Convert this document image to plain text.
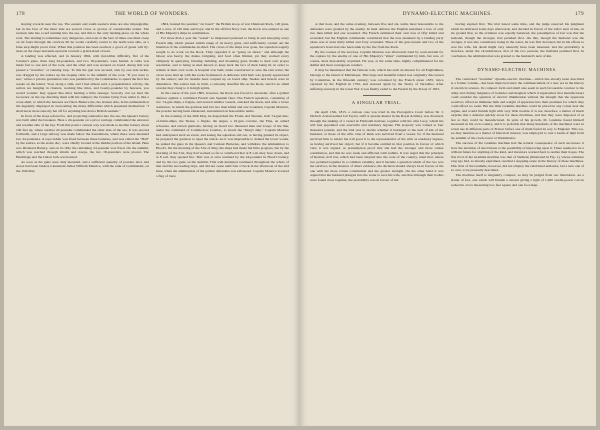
178	THE WORLD OF WONDERS.

sloping towards near the top. The eastern and south-western sides are also impregnable, but in the face of the latter side are several caves or grottos of considerable extent. The western side has a reef running into the sea, and this is the only landing-place on the whole rock. The landing is sometimes very dangerous, and even at the best of times one must creep on all fours through the crevices till he works carefully round to the north-west side, as a false step might prove fatal. When this position has been reached, a grove of green will lly-trees on the slope descends upwards towards a grand-sized cavern.

A landing was effected, and in January 1804, with incredible difficulty, five of the Centaur's guns, three long 24-pounders, and two 18-pounders, were hauled. A cable was made fast to one end of the rock, and the other end was secured on board. Along this was passed a "traveller," or running loop. To this the gun was secured, and, by one side tackle, was dragged by the sailors up the sloping cable to the summit of the rock. "If you were to see," writes a private gentleman who was permitted by the Commander to spend the first few weeks on the island, "how along a slim, and I had almost said, a perpendicular activity, the sailors are hanging in clusters, working like mice, and twenty-pounder by hawsers, you would wonder: they appear like mice hauling a little sausage. Scarcely can we hear the Governor on the top directing them with his trumpet; the Centaur lying close under it, like a cross-shell, to which the hawsers are fixed. Believe me, the sixteen able, in his enthusiasm at the ingenuity displayed in overcoming the many difficulties which presented themselves: "I shall never more take my hat off for anything less than a British seaman."

In front of the slope referred to, and projecting somewhat into the sea, the Queen's battery was built amid the breakers. Here a 24-pounder on a pivot carriage commanded the entrance and weather side of the bay. From this point a cannon way was made to another battery about 140 feet up, where another 24-pounder commanded the other side of the sea. It was erected forthwith, and a large railway was made below the foundations, where there were mounted two 24-pounders. A rope ladder was fixed between these batteries, and was called the "Hall" by the sailors, as the stairs, &c., were chiefly located at the middle portion of the island. Here was Diamond Battery, and on its tible the remaining 24-pounder was fixed. On the summit, which was reached through shrubs and creeps, the two 18-pounders were placed. The Hermitage and the Union Jack was hoisted.

As soon as the guns were duly mounted, and a sufficient quantity of powder, shot, and stores had been landed, Lieutenant James William Maurice, with the rank of Commander, on the 19th May

1804, hoisted his pendant "on board" the British sloop of war Diamond Rock, 120 guns, and a crew of 120 men and boys; and in the official Navy List, the Rock was entered as one of His Majesty's ships in commission.

For more than a year the "vessel" so impressed persisted to bring in and annoying every French ship which passed within range of its heavy guns, and sufficiently carried out the intention of the commander-in-chief. The crews of the ships now gone, the squadron eagerly sought to do work on the Rock. They regarded it as "going on shore;" and although the labour was heavy, the duties, fatiguing, and food often limited, yet they worked every obliquely in quarrying, blasting, building, and mounting guns, thanks to their own proper resolution, and to being as men known to keep back the fact of their being ill, in order to remain at their own work. A hospital was built, tanks constructed to save the rain water, the caves were shut up with the rocks' homestead. A delicious wild herb was greatly appreciated by the sailors; and for months been coupled up on board ship. Snakes and lizards were in abundance. The sailors had, in truth, a curiously dreadful life on the Rock, and it's no small wonder they clung to it in high spirits.

In the course of the year 1805, however, the Rock was forced to surrender, after a gallant defence against a combined French and Spanish fleet. The French squadron, consisting of two 74-gun ships, a frigate, and several smaller vessels, attacked the Rock, and after a brave resistance, in which the garrison had but two men killed and one wounded, Captain Maurice, the powder having been exhausted, surrendered on honourable terms.

In the evening of the 29th May, he despatched the Fraize and Sirenak, both 74-gun line-of-battle-ships, the Sirene, a frigate, the Argus, a 16-gun corvette, the Fine, an armed schooner, and eleven gunboats, having on board two thousand men and troops of the line, under the command of Commodore Cosmao, to attack the "King's ship." Captain Maurice had anticipated such an event, and seeing the squadron sail out, at having gunned its object, he prepared the garrison to repel the attack. As it was impossible to defend the lower works, he spiked the guns in the Queen's and Centaur Batteries, and withdrew the ammunition to Hood's. On the morning of the 31st of May, the ships had made but little progress, but by the morning of the 31st, they had worked so far to windward that at 8 a.m. they bore down, and at 8 a.m. they opened fire. This was at once returned by the 24-pounder in Hood's battery, and by the two guns on the summit. This well-hardened continued throughout the whole of that and the succeeding days, and did not cease until four o'clock in the afternoon of the 2nd June, when the ammunition of the gallant defenders was exhausted. Captain Maurice lowered a flag of truce

DYNAMO-ELECTRIC MACHINES.	179

at that hour, and the same evening, between five and six, terms most honourable to the defenders were granted by the enemy. In their defence the English sustained a loss of only two men killed and one wounded. The French estimated their own loss at fifty killed and wounded; but the English commander considered that the loss sustained by a landing party alone was at least thirty killed and forty wounded. Three of the gun-vessels and two of the squadron's boats had also been sunk by the fire from the Rock.

By the courses of the services, Captain Maurice was afterwards tried by court-martial for the capture by the enemy of one of His Majesty's "ships" commanded by him, but was, of course, most honourably acquitted. He was, at the same time, highly complimented for his skilful and most courageous conduct.

It may be mentioned that the famous rock, which has such an interest for all Englishmen, belongs to the island of Martinique. This large and beautiful island was originally discovered by Columbus, in the fifteenth century; was colonized by the French about 1635; twice captured by the English in 1762, and restored again by the Treaty of Versailles. After suffering severely in the Great War it was finally ceded to the French by the Treaty of 1815.

A SINGULAR TRIAL.

On April 15th, 1815, a curious case was tried in the Prerogative Court before Sir J. Nicholl. A man named Job Taylor, staff or quarter-master in the Royal Artillery, was drowned, through the sinking of a vessel in Falmouth harbour, together with his wife Lucy, whom his will had appointed sole executrix and residuary legatee. His property was valued at four thousand pounds, and the trial was to decide whether it belonged to the next of kin of the husband, or those of the wife. One of them was survived from a vessel, for if the husband survived him to render his will good it to the representative of the wife as residuary legatee, as having survived her object; but if it became entitled in that position in favour of which view it was argued, as presumption proof that she had the stronger and more robust constitution, and that he was weak and afflicted with asthma. It was urged that the principle of Roman civil law, which had been adopted into the code of the country, ruled that, where two perished together in a common calamity, and it became a question which of the two was the survivor, in the absence of direct evidence, the decision should always be in favour of the one with the more robust constitution and the greater strength. On the other hand it was argued that the husband plunged into the water to save his wife, and that although their bodies were found close together, the probability was in favour of her

having expired first. The trial lasted some time, and the judge reserved his judgment which he delivered some days afterwards, and decided in favour of the wife's next of kin, on the ground that, as the evidence was equally balanced, the presumption of law was that the husband, though the stronger, had perished first. On this, though the husband was the stronger, it was also considered, being in the water, he was first drowned, but in his efforts to save his wife, his death might very naturally have been hastened, and the probability is therefore, under the circumstances, that of the two persons, the husband perished first. In conclusion, the administration was granted to the husband's next of kin.

DYNAMO-ELECTRIC MACHINES.

The celebrated "Gramme" dynamo-electric machine—which has already been described in a former volume—has been improved since the commencement of a new era in the history of electrical science. Its compact form and small size seem in such favourable contrast to the bulky and clumsy magnetos of batteries and magnets which it superseded, that manufacturers could consider the question of electric illumination without the thought that the apparatus would no afford an immense bulk and weight of apparatus into their premises for which they could afford no room. But the little Gramme machine could be placed in any corner near the engine, and would furnish light with very little trouble. It is not, therefore, a matter of much surprise that a demand quickly arose for these machines, and that they were disposed of as fast as they could be manufactured. In spite of his growth, M. Gramme found himself interested in his own country, and it is probable that many hundreds of his machines were in actual use in different parts of France before one of them found its way to England. This too, we may mention as a matter of historical interest, was employed to cast a beam of light from the summit of the clock-tower at Westminster.

The success of the Gramme machine had the natural consequence of such successes: it drew the attention of electricians to the possibility of improving upon it. There seemed to be a brilliant future for anything of the kind, and inventors worked hard to realize their hopes. The first rival of the Gramme machine was that of Siemens (illustrated in Fig. 1), whose armature long ago had, as already explained, reached a stepping-stone in the history of these machines. This rival of the Gramme, however, did not employ the celebrated armature, but a new one of its own, to be presently described.

The machine itself is singularly compact, as may be judged from our illustration. As a matter of fact, one which will furnish a current giving a light of 1,200 candle-power can be packed in a box measuring two feet square and one foot deep.
